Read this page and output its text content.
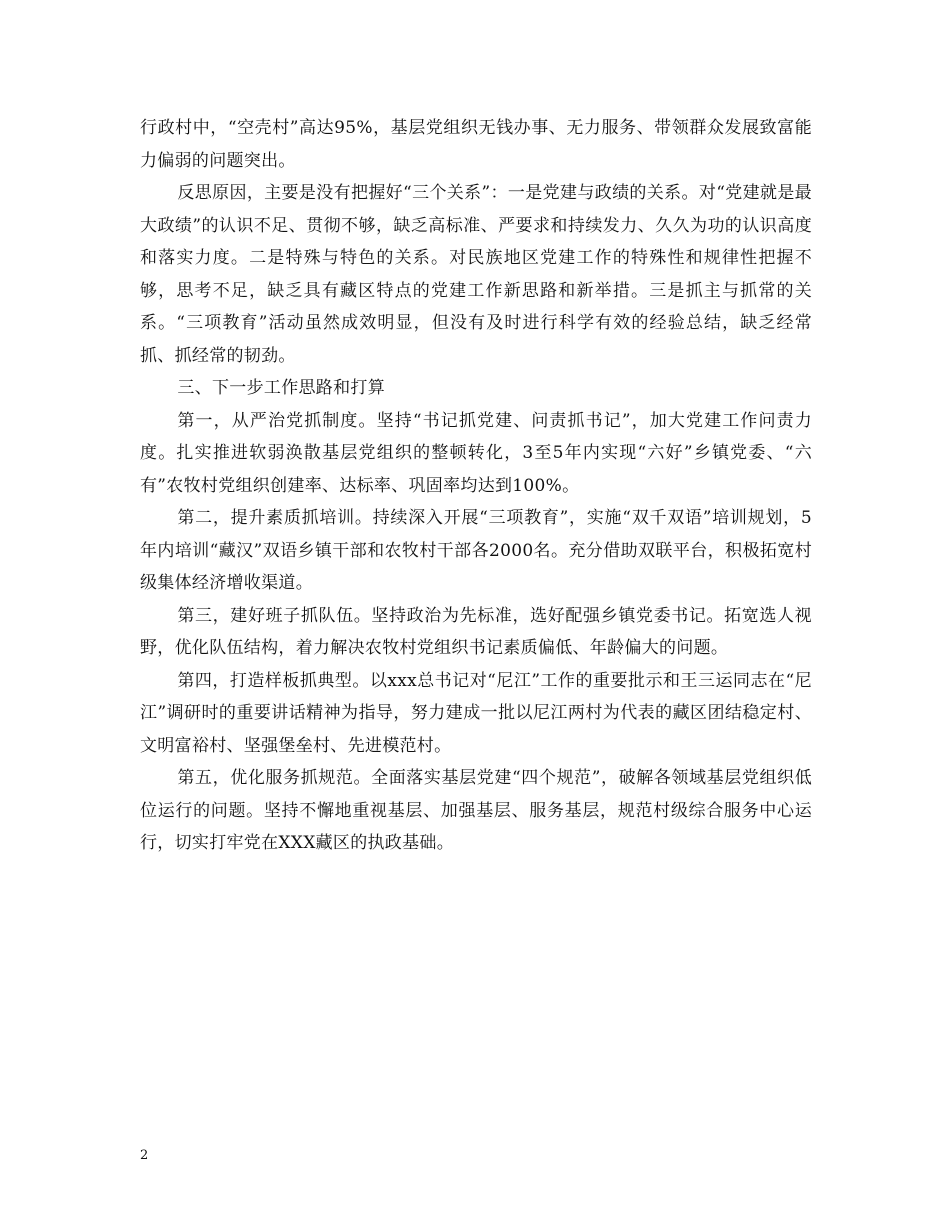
行政村中，“空壳村”高达95%，基层党组织无钱办事、无力服务、带领群众发展致富能力偏弱的问题突出。

反思原因，主要是没有把握好“三个关系”：一是党建与政绩的关系。对“党建就是最大政绩”的认识不足、贯彻不够，缺乏高标准、严要求和持续发力、久久为功的认识高度和落实力度。二是特殊与特色的关系。对民族地区党建工作的特殊性和规律性把握不够，思考不足，缺乏具有藏区特点的党建工作新思路和新举措。三是抓主与抓常的关系。“三项教育”活动虽然成效明显，但没有及时进行科学有效的经验总结，缺乏经常抓、抓经常的韧劲。

三、下一步工作思路和打算

第一，从严治党抓制度。坚持“书记抓党建、问责抓书记”，加大党建工作问责力度。扎实推进软弱涣散基层党组织的整顿转化，3至5年内实现“六好”乡镇党委、“六有”农牧村党组织创建率、达标率、巩固率均达到100%。

第二，提升素质抓培训。持续深入开展“三项教育”，实施“双千双语”培训规划，5年内培训“藏汉”双语乡镇干部和农牧村干部各2000名。充分借助双联平台，积极拓宽村级集体经济增收渠道。

第三，建好班子抓队伍。坚持政治为先标准，选好配强乡镇党委书记。拓宽选人视野，优化队伍结构，着力解决农牧村党组织书记素质偏低、年龄偏大的问题。

第四，打造样板抓典型。以xxx总书记对“尼江”工作的重要批示和王三运同志在“尼江”调研时的重要讲话精神为指导，努力建成一批以尼江两村为代表的藏区团结稳定村、文明富裕村、坚强堡垒村、先进模范村。

第五，优化服务抓规范。全面落实基层党建“四个规范”，破解各领域基层党组织低位运行的问题。坚持不懈地重视基层、加强基层、服务基层，规范村级综合服务中心运行，切实打牢党在XXX藏区的执政基础。

2
